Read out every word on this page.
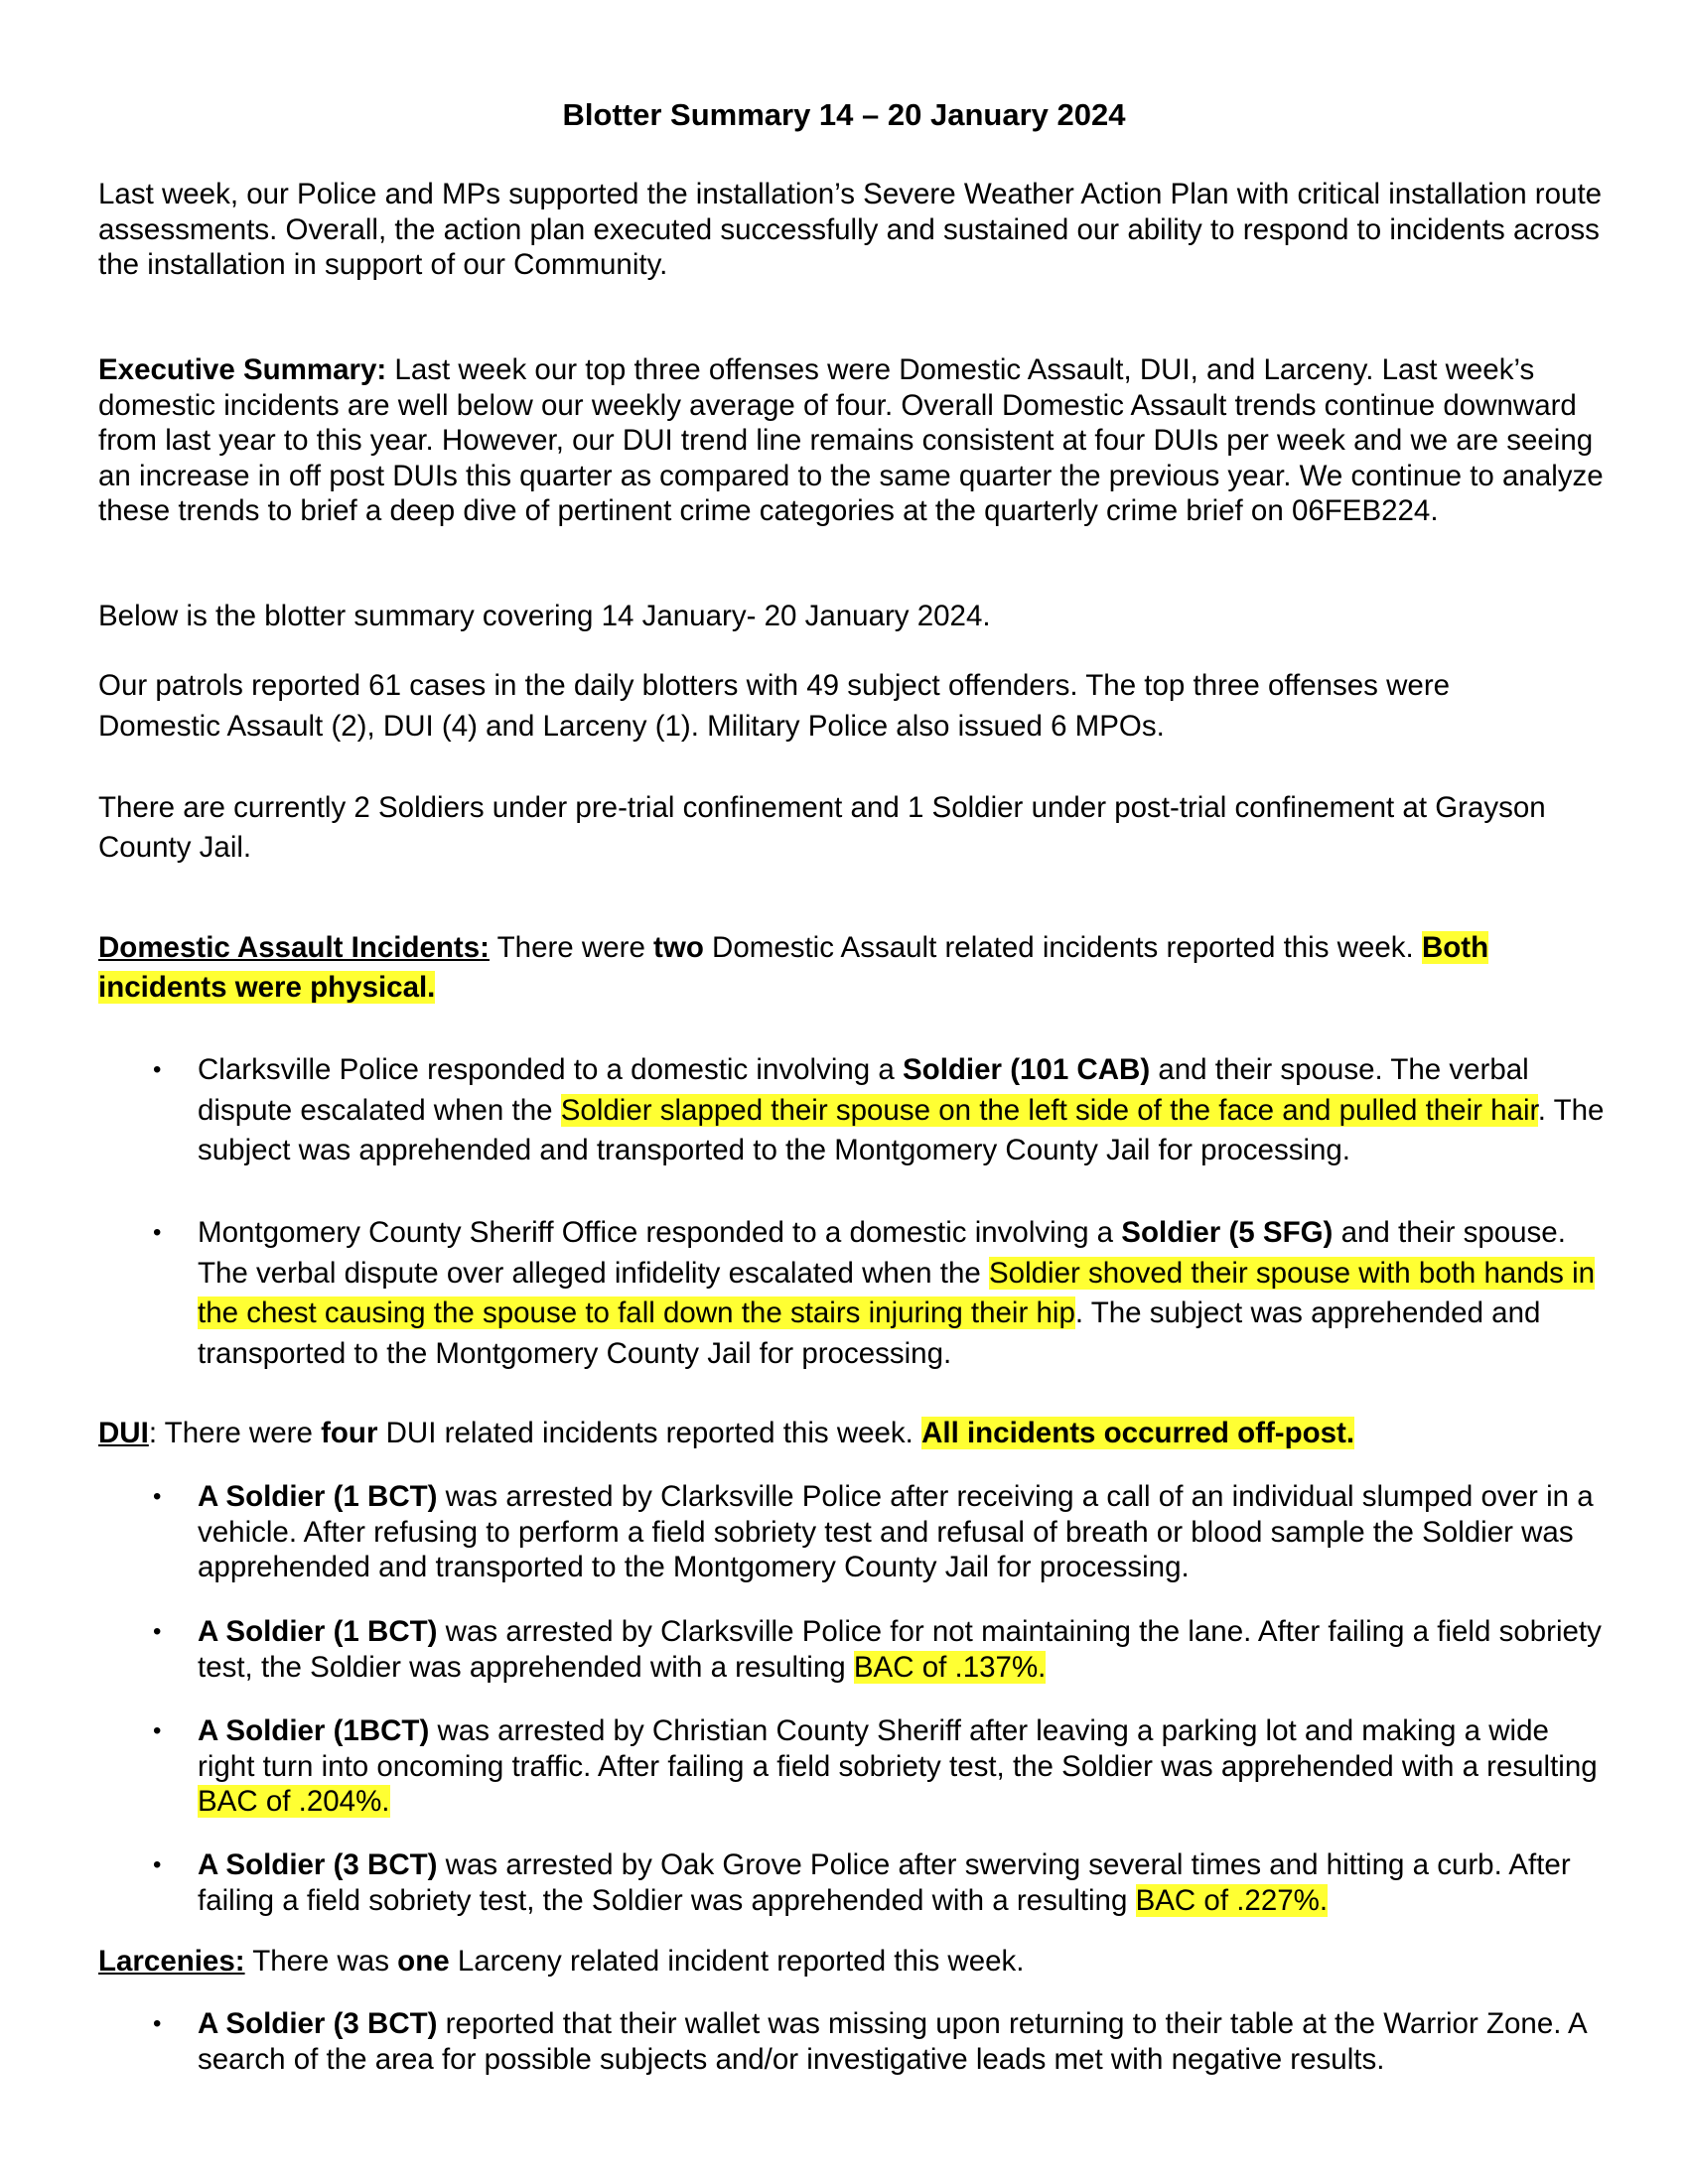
Blotter Summary 14 – 20 January 2024

Last week, our Police and MPs supported the installation’s Severe Weather Action Plan with critical installation route assessments. Overall, the action plan executed successfully and sustained our ability to respond to incidents across the installation in support of our Community.

Executive Summary: Last week our top three offenses were Domestic Assault, DUI, and Larceny. Last week’s domestic incidents are well below our weekly average of four. Overall Domestic Assault trends continue downward from last year to this year. However, our DUI trend line remains consistent at four DUIs per week and we are seeing an increase in off post DUIs this quarter as compared to the same quarter the previous year. We continue to analyze these trends to brief a deep dive of pertinent crime categories at the quarterly crime brief on 06FEB224.

Below is the blotter summary covering 14 January- 20 January 2024.

Our patrols reported 61 cases in the daily blotters with 49 subject offenders. The top three offenses were

Domestic Assault (2), DUI (4) and Larceny (1). Military Police also issued 6 MPOs.

There are currently 2 Soldiers under pre-trial confinement and 1 Soldier under post-trial confinement at Grayson County Jail.

Domestic Assault Incidents: There were two Domestic Assault related incidents reported this week. Both incidents were physical.

• Clarksville Police responded to a domestic involving a Soldier (101 CAB) and their spouse. The verbal dispute escalated when the Soldier slapped their spouse on the left side of the face and pulled their hair. The subject was apprehended and transported to the Montgomery County Jail for processing.

• Montgomery County Sheriff Office responded to a domestic involving a Soldier (5 SFG) and their spouse. The verbal dispute over alleged infidelity escalated when the Soldier shoved their spouse with both hands in the chest causing the spouse to fall down the stairs injuring their hip. The subject was apprehended and transported to the Montgomery County Jail for processing.

DUI: There were four DUI related incidents reported this week. All incidents occurred off-post.

• A Soldier (1 BCT) was arrested by Clarksville Police after receiving a call of an individual slumped over in a vehicle. After refusing to perform a field sobriety test and refusal of breath or blood sample the Soldier was apprehended and transported to the Montgomery County Jail for processing.

• A Soldier (1 BCT) was arrested by Clarksville Police for not maintaining the lane. After failing a field sobriety test, the Soldier was apprehended with a resulting BAC of .137%.

• A Soldier (1BCT) was arrested by Christian County Sheriff after leaving a parking lot and making a wide right turn into oncoming traffic. After failing a field sobriety test, the Soldier was apprehended with a resulting BAC of .204%.

• A Soldier (3 BCT) was arrested by Oak Grove Police after swerving several times and hitting a curb. After failing a field sobriety test, the Soldier was apprehended with a resulting BAC of .227%.

Larcenies: There was one Larceny related incident reported this week.

• A Soldier (3 BCT) reported that their wallet was missing upon returning to their table at the Warrior Zone. A search of the area for possible subjects and/or investigative leads met with negative results.
